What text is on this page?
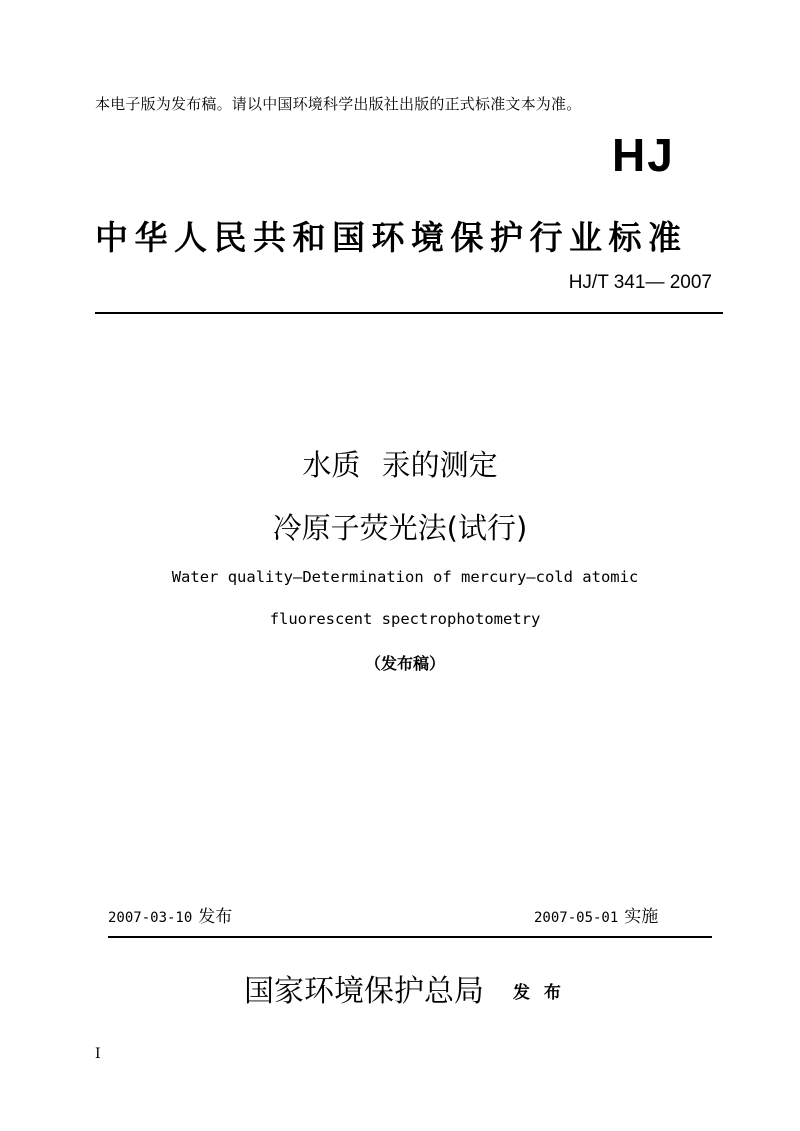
本电子版为发布稿。请以中国环境科学出版社出版的正式标准文本为准。
HJ
中华人民共和国环境保护行业标准
HJ/T 341— 2007
水质 汞的测定
冷原子荧光法(试行)
Water quality—Determination of mercury—cold atomic
fluorescent spectrophotometry
（发布稿）
2007-03-10 发布	2007-05-01 实施
国家环境保护总局 发 布
I
